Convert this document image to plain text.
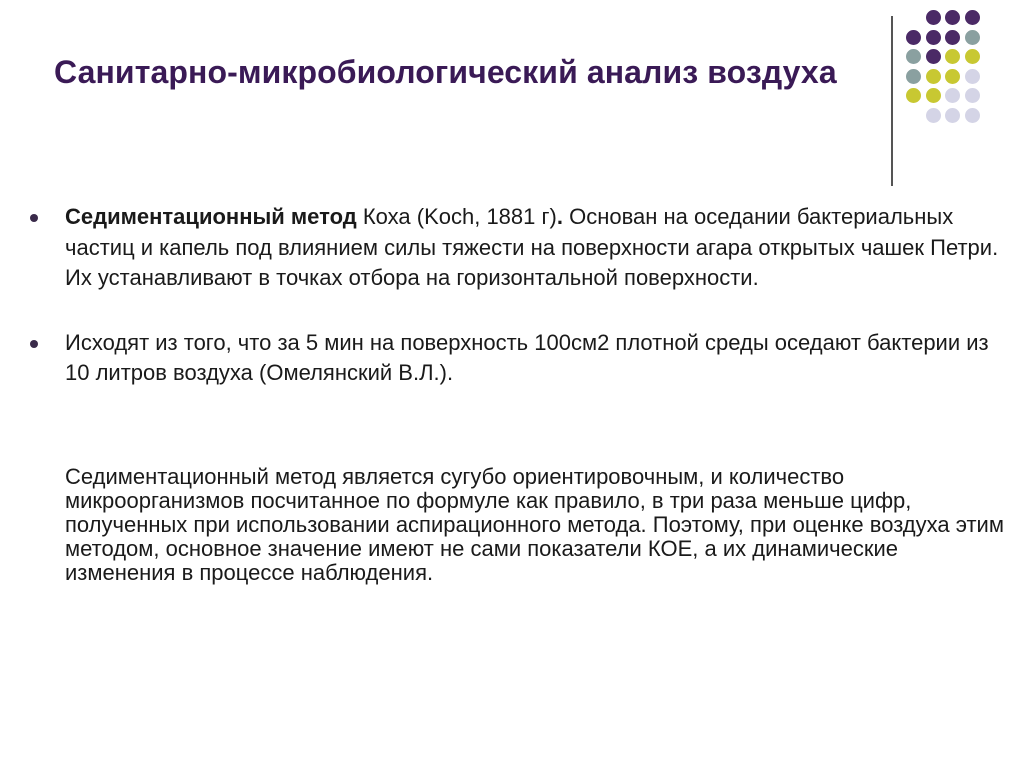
Санитарно-микробиологический анализ воздуха
Седиментационный метод Коха (Koch, 1881 г). Основан на оседании бактериальных частиц и капель под влиянием силы тяжести на поверхности агара открытых чашек Петри. Их устанавливают в точках отбора на горизонтальной поверхности.
Исходят из того, что за 5 мин на поверхность 100см2 плотной среды оседают бактерии из 10 литров воздуха (Омелянский В.Л.).
Седиментационный метод является сугубо ориентировочным, и количество микроорганизмов посчитанное по формуле как правило, в три раза меньше цифр, полученных при использовании аспирационного метода. Поэтому, при оценке воздуха этим методом, основное значение имеют не сами показатели КОЕ, а их динамические изменения в процессе наблюдения.
